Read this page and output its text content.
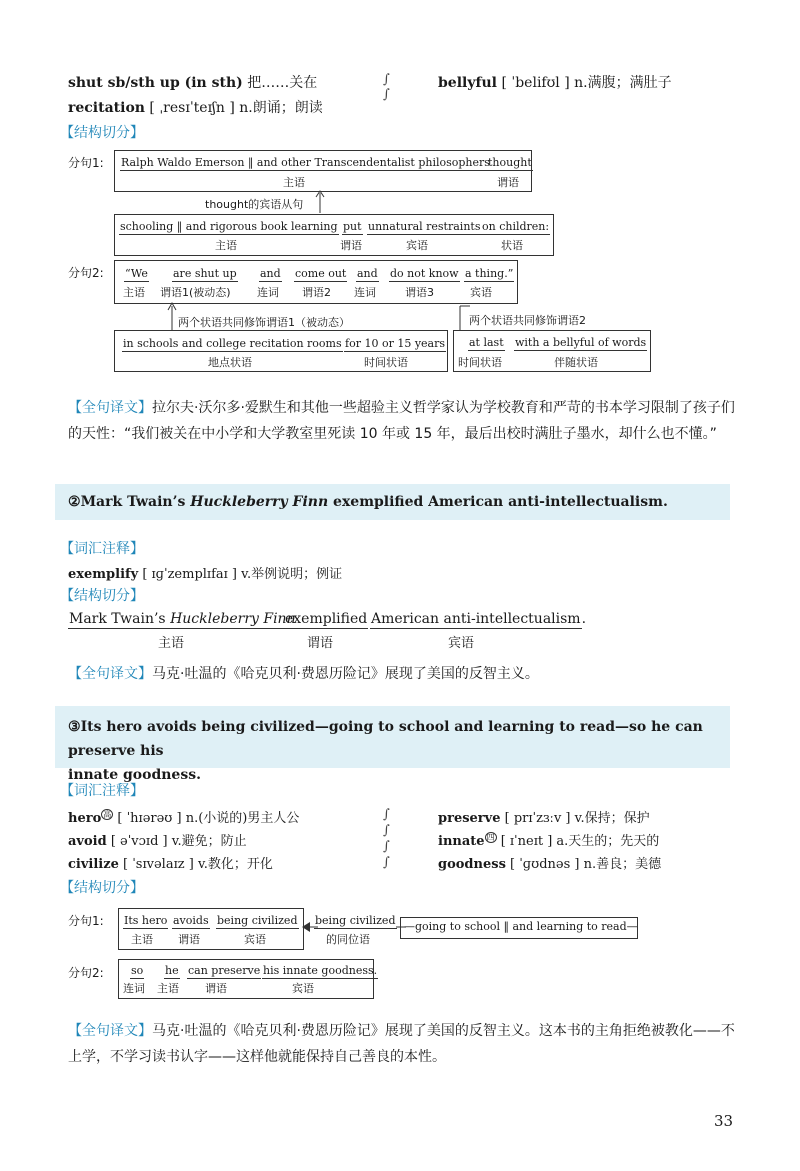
shut sb/sth up (in sth) 把……关在
recitation [ ˌresɪˈteɪʃn ] n.朗诵；朗读
∫
∫
bellyful [ ˈbelifʊl ] n.满腹；满肚子
【结构切分】
分句1: Ralph Waldo Emerson ‖ and other Transcendentalist philosophers
主语
thought
谓语
thought的宾语从句
schooling ‖ and rigorous book learning
主语
put
谓语
unnatural restraints
宾语
on children:
状语
分句2: “We
主语
are shut up
谓语1(被动态)
and
连词
come out
谓语2
and
连词
do not know
谓语3
a thing.”
宾语
两个状语共同修饰谓语1（被动态）	两个状语共同修饰谓语2
in schools and college recitation rooms
地点状语
for 10 or 15 years
时间状语
at last
时间状语
with a bellyful of words
伴随状语
【全句译文】拉尔夫·沃尔多·爱默生和其他一些超验主义哲学家认为学校教育和严苛的书本学习限制了孩子们的天性：“我们被关在中小学和大学教室里死读 10 年或 15 年，最后出校时满肚子墨水，却什么也不懂。”
②Mark Twain’s Huckleberry Finn exemplified American anti-intellectualism.
【词汇注释】
exemplify [ ɪɡˈzemplɪfaɪ ] v.举例说明；例证
【结构切分】
Mark Twain’s Huckleberry Finn
主语
exemplified
谓语
American anti-intellectualism.
宾语
【全句译文】马克·吐温的《哈克贝利·费恩历险记》展现了美国的反智主义。
③Its hero avoids being civilized—going to school and learning to read—so he can preserve his
innate goodness.
【词汇注释】
hero $^高$ [ ˈhɪərəʊ ] n.(小说的)男主人公
avoid [ əˈvɔɪd ] v.避免；防止
civilize [ ˈsɪvəlaɪz ] v.教化；开化
∫
∫
∫
∫
preserve [ prɪˈzɜːv ] v.保持；保护
innate $^四$ [ ɪˈneɪt ] a.天生的；先天的
goodness [ ˈɡʊdnəs ] n.善良；美德
【结构切分】
分句1: Its hero
主语
avoids
谓语
being civilized
宾语
being civilized
的同位语
—going to school ‖ and learning to read—
分句2: so
连词
he
主语
can preserve
谓语
his innate goodness.
宾语
【全句译文】马克·吐温的《哈克贝利·费恩历险记》展现了美国的反智主义。这本书的主角拒绝被教化——不上学，不学习读书认字——这样他就能保持自己善良的本性。
33
